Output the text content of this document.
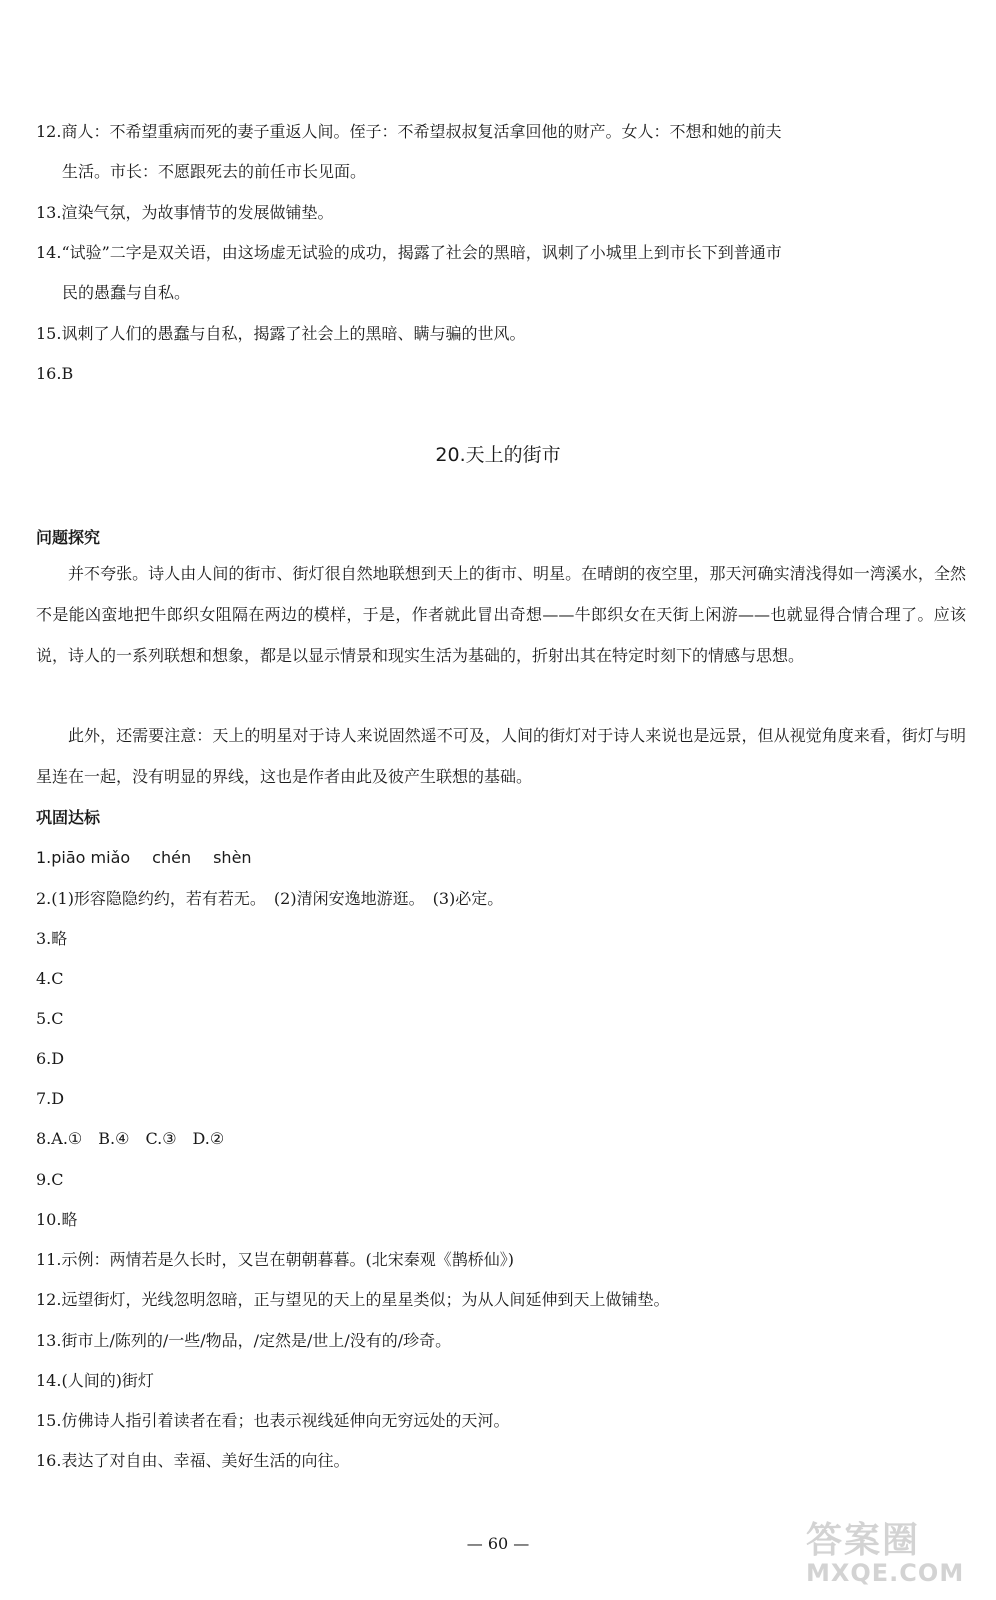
12.商人：不希望重病而死的妻子重返人间。侄子：不希望叔叔复活拿回他的财产。女人：不想和她的前夫
生活。市长：不愿跟死去的前任市长见面。
13.渲染气氛，为故事情节的发展做铺垫。
14.“试验”二字是双关语，由这场虚无试验的成功，揭露了社会的黑暗，讽刺了小城里上到市长下到普通市
民的愚蠢与自私。
15.讽刺了人们的愚蠢与自私，揭露了社会上的黑暗、瞒与骗的世风。
16.B
20.天上的街市
问题探究
并不夸张。诗人由人间的街市、街灯很自然地联想到天上的街市、明星。在晴朗的夜空里，那天河确实清浅得如一湾溪水，全然不是能凶蛮地把牛郎织女阻隔在两边的模样，于是，作者就此冒出奇想——牛郎织女在天街上闲游——也就显得合情合理了。应该说，诗人的一系列联想和想象，都是以显示情景和现实生活为基础的，折射出其在特定时刻下的情感与思想。
此外，还需要注意：天上的明星对于诗人来说固然遥不可及，人间的街灯对于诗人来说也是远景，但从视觉角度来看，街灯与明星连在一起，没有明显的界线，这也是作者由此及彼产生联想的基础。
巩固达标
1.piāo miǎo chén shèn
2.(1)形容隐隐约约，若有若无。　(2)清闲安逸地游逛。　(3)必定。
3.略
4.C
5.C
6.D
7.D
8.A.①　B.④　C.③　D.②
9.C
10.略
11.示例：两情若是久长时，又岂在朝朝暮暮。(北宋秦观《鹊桥仙》)
12.远望街灯，光线忽明忽暗，正与望见的天上的星星类似；为从人间延伸到天上做铺垫。
13.街市上/陈列的/一些/物品，/定然是/世上/没有的/珍奇。
14.(人间的)街灯
15.仿佛诗人指引着读者在看；也表示视线延伸向无穷远处的天河。
16.表达了对自由、幸福、美好生活的向往。
— 60 —	答案圈
MXQE.COM
